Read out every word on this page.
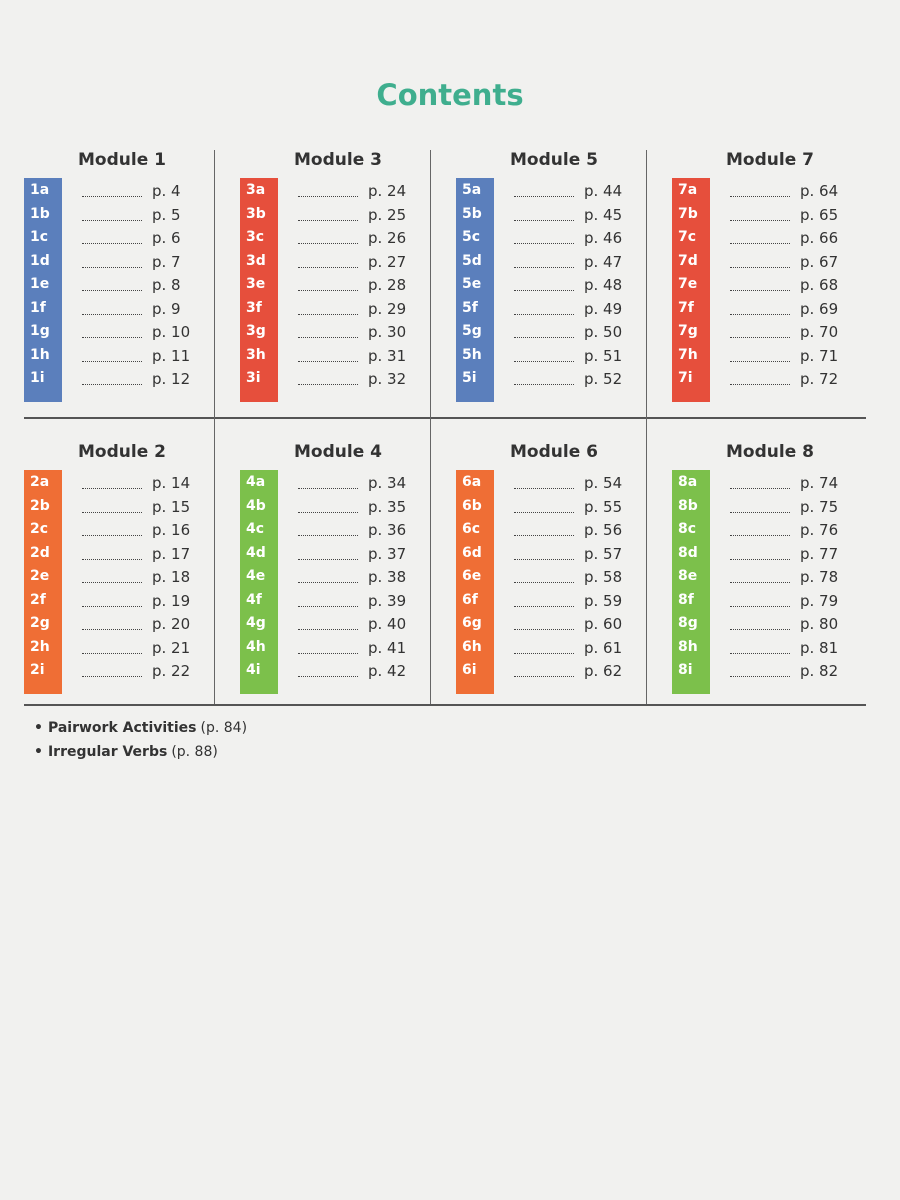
Contents
Module 1
1a	p. 4
1b	p. 5
1c	p. 6
1d	p. 7
1e	p. 8
1f	p. 9
1g	p. 10
1h	p. 11
1i	p. 12
Module 3
3a	p. 24
3b	p. 25
3c	p. 26
3d	p. 27
3e	p. 28
3f	p. 29
3g	p. 30
3h	p. 31
3i	p. 32
Module 5
5a	p. 44
5b	p. 45
5c	p. 46
5d	p. 47
5e	p. 48
5f	p. 49
5g	p. 50
5h	p. 51
5i	p. 52
Module 7
7a	p. 64
7b	p. 65
7c	p. 66
7d	p. 67
7e	p. 68
7f	p. 69
7g	p. 70
7h	p. 71
7i	p. 72
Module 2
2a	p. 14
2b	p. 15
2c	p. 16
2d	p. 17
2e	p. 18
2f	p. 19
2g	p. 20
2h	p. 21
2i	p. 22
Module 4
4a	p. 34
4b	p. 35
4c	p. 36
4d	p. 37
4e	p. 38
4f	p. 39
4g	p. 40
4h	p. 41
4i	p. 42
Module 6
6a	p. 54
6b	p. 55
6c	p. 56
6d	p. 57
6e	p. 58
6f	p. 59
6g	p. 60
6h	p. 61
6i	p. 62
Module 8
8a	p. 74
8b	p. 75
8c	p. 76
8d	p. 77
8e	p. 78
8f	p. 79
8g	p. 80
8h	p. 81
8i	p. 82
• Pairwork Activities (p. 84)
• Irregular Verbs (p. 88)
